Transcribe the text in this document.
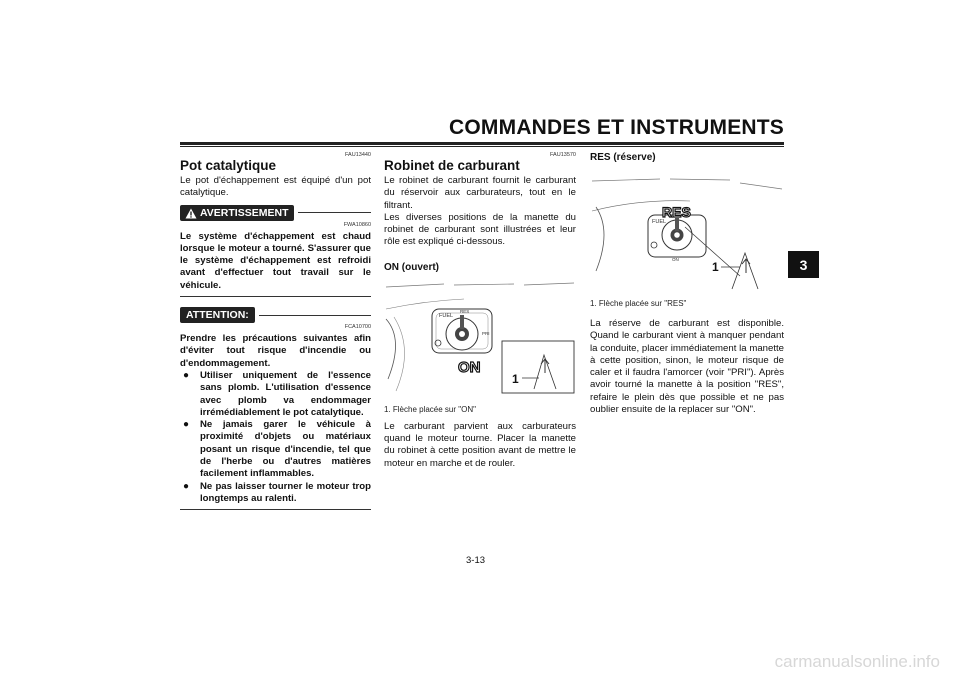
COMMANDES ET INSTRUMENTS
3
FAU13440
Pot catalytique
Le pot d'échappement est équipé d'un pot catalytique.
AVERTISSEMENT
FWA10860
Le système d'échappement est chaud lorsque le moteur a tourné. S'assurer que le système d'échappement est refroidi avant d'effectuer tout travail sur le véhicule.
ATTENTION:
FCA10700
Prendre les précautions suivantes afin d'éviter tout risque d'incendie ou d'endommagement.
● Utiliser uniquement de l'essence sans plomb. L'utilisation d'essence avec plomb va endommager irrémédiablement le pot catalytique.
● Ne jamais garer le véhicule à proximité d'objets ou matériaux posant un risque d'incendie, tel que de l'herbe ou d'autres matières facilement inflammables.
● Ne pas laisser tourner le moteur trop longtemps au ralenti.
FAU13570
Robinet de carburant
Le robinet de carburant fournit le carburant du réservoir aux carburateurs, tout en le filtrant.
Les diverses positions de la manette du robinet de carburant sont illustrées et leur rôle est expliqué ci-dessous.
ON (ouvert)
FUEL
RES
PRI
ON
1
1. Flèche placée sur "ON"
Le carburant parvient aux carburateurs quand le moteur tourne. Placer la manette du robinet à cette position avant de mettre le moteur en marche et de rouler.
RES (réserve)
FUEL
ON
RES
1
1. Flèche placée sur "RES"
La réserve de carburant est disponible. Quand le carburant vient à manquer pendant la conduite, placer immédiatement la manette à cette position, sinon, le moteur risque de caler et il faudra l'amorcer (voir "PRI"). Après avoir tourné la manette à la position "RES", refaire le plein dès que possible et ne pas oublier ensuite de la replacer sur "ON".
3-13
carmanualsonline.info
